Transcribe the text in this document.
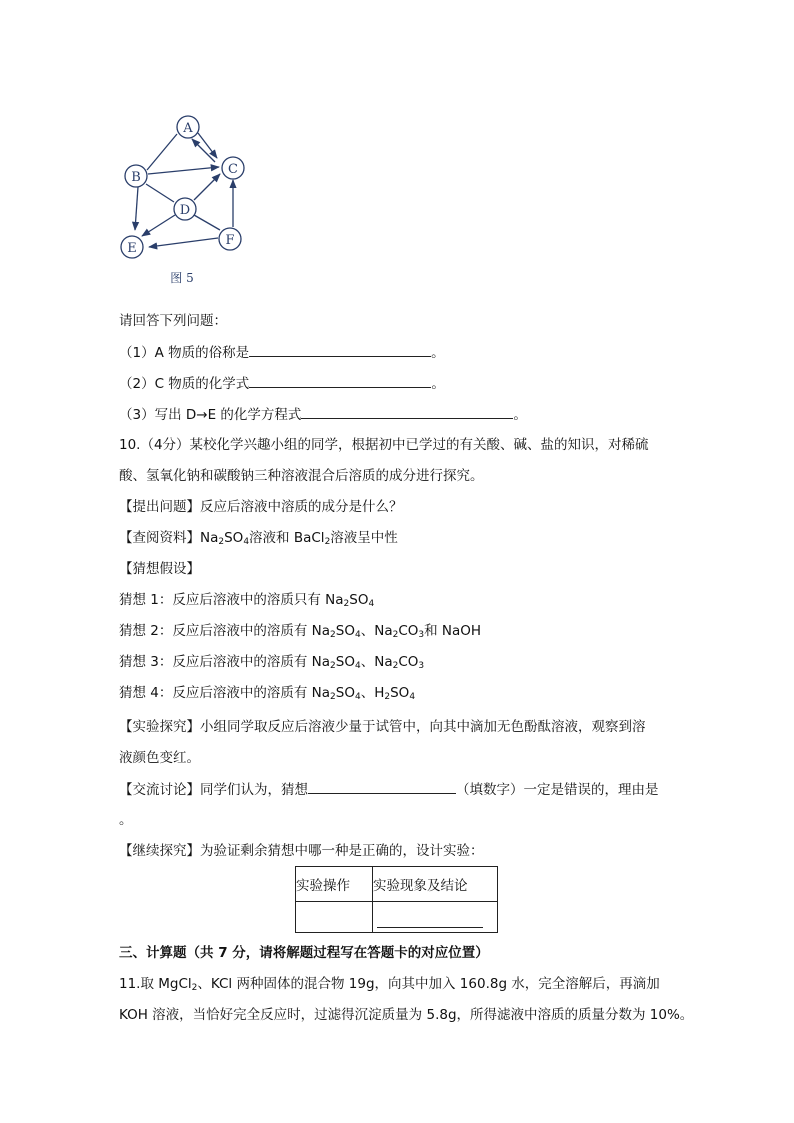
A
B
C
D
E
F
图 5
请回答下列问题：
（1）A 物质的俗称是	。
（2）C 物质的化学式	。
（3）写出 D→E 的化学方程式	。
10.（4分）某校化学兴趣小组的同学，根据初中已学过的有关酸、碱、盐的知识，对稀硫
酸、氢氧化钠和碳酸钠三种溶液混合后溶质的成分进行探究。
【提出问题】反应后溶液中溶质的成分是什么？
【查阅资料】$Na_2SO_4$溶液和 BaCl$_2$溶液呈中性
【猜想假设】
猜想 1：反应后溶液中的溶质只有 $Na_2SO_4$
猜想 2：反应后溶液中的溶质有 $Na_2SO_4$、$Na_2CO_3$和 NaOH
猜想 3：反应后溶液中的溶质有 $Na_2SO_4$、$Na_2CO_3$
猜想 4：反应后溶液中的溶质有 $Na_2SO_4$、$H_2SO_4$
【实验探究】小组同学取反应后溶液少量于试管中，向其中滴加无色酚酞溶液，观察到溶
液颜色变红。
【交流讨论】同学们认为，猜想	（填数字）一定是错误的，理由是
。
【继续探究】为验证剩余猜想中哪一种是正确的，设计实验：
实验操作	实验现象及结论

三、计算题（共 7 分，请将解题过程写在答题卡的对应位置）
11.取 MgCl$_2$、KCl 两种固体的混合物 19g，向其中加入 160.8g 水，完全溶解后，再滴加
KOH 溶液，当恰好完全反应时，过滤得沉淀质量为 5.8g，所得滤液中溶质的质量分数为 10%。
